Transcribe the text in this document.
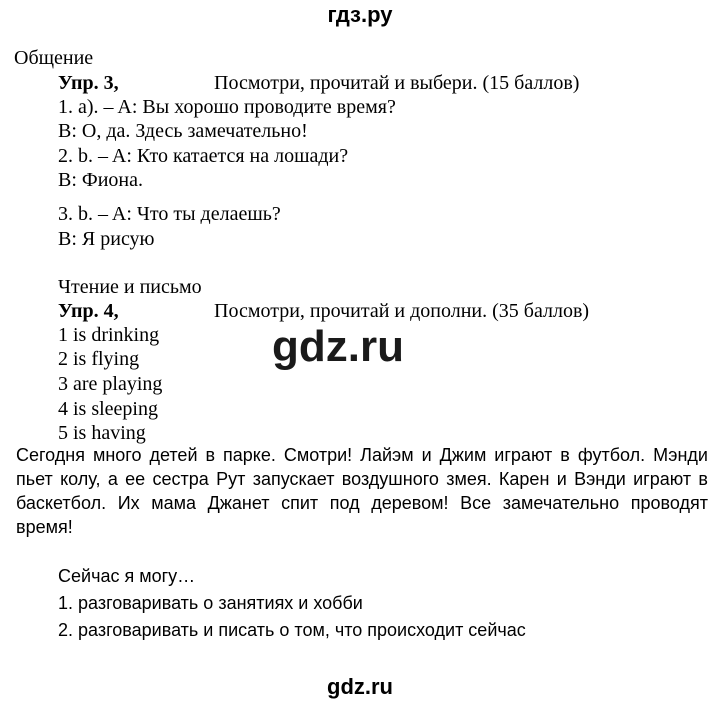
гдз.ру
Общение
Упр. 3,	Посмотри, прочитай и выбери. (15 баллов)
1. a). – A: Вы хорошо проводите время?
B: О, да. Здесь замечательно!
2. b. – A: Кто катается на лошади?
B: Фиона.
3. b. – A: Что ты делаешь?
B: Я рисую
Чтение и письмо
Упр. 4,	Посмотри, прочитай и дополни. (35 баллов)
1 is drinking
2 is flying
3 are playing
4 is sleeping
5 is having
gdz.ru
Сегодня много детей в парке. Смотри! Лайэм и Джим играют в футбол. Мэнди пьет колу, а ее сестра Рут запускает воздушного змея. Карен и Вэнди играют в баскетбол. Их мама Джанет спит под деревом! Все замечательно проводят время!
Сейчас я могу…
1. разговаривать о занятиях и хобби
2. разговаривать и писать о том, что происходит сейчас
gdz.ru
